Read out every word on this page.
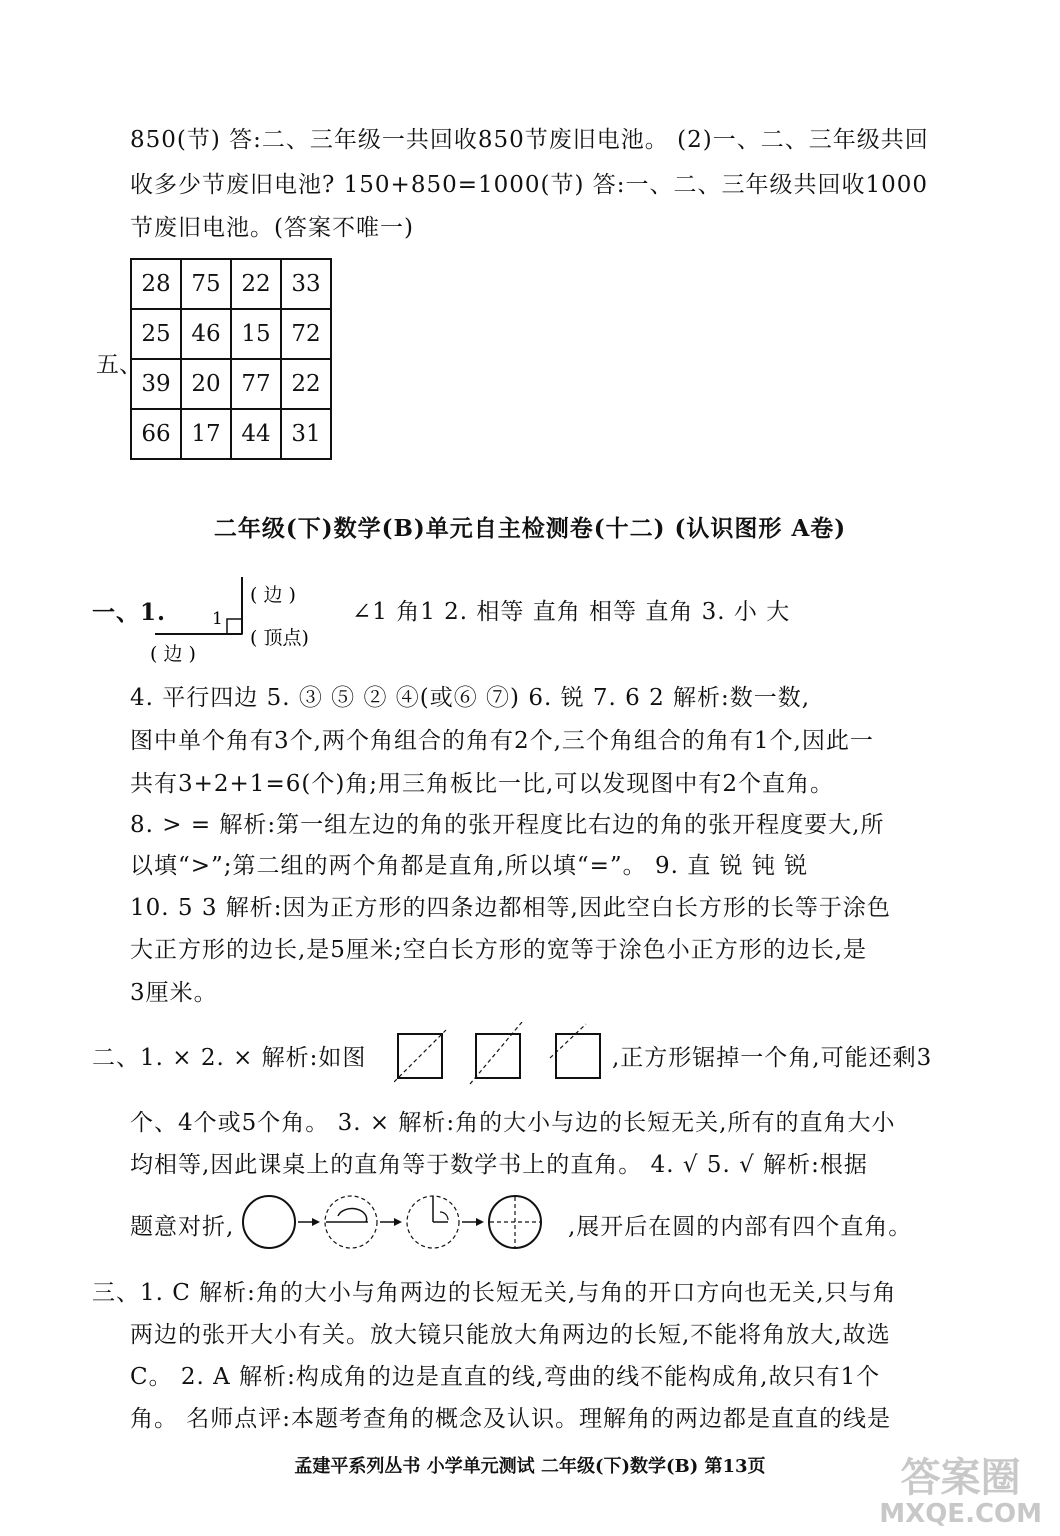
850(节) 答:二、三年级一共回收850节废旧电池。 (2)一、二、三年级共回
收多少节废旧电池? 150+850=1000(节) 答:一、二、三年级共回收1000
节废旧电池。(答案不唯一)
五、
28	75	22	33
25	46	15	72
39	20	77	22
66	17	44	31
二年级(下)数学(B)单元自主检测卷(十二) (认识图形 A卷)
一、1.	1
( 边 )
( 顶点)
( 边 )
∠1 角1 2. 相等 直角 相等 直角 3. 小 大
4. 平行四边 5. ③ ⑤ ② ④(或⑥ ⑦) 6. 锐 7. 6 2 解析:数一数,
图中单个角有3个,两个角组合的角有2个,三个角组合的角有1个,因此一
共有3+2+1=6(个)角;用三角板比一比,可以发现图中有2个直角。
8. > = 解析:第一组左边的角的张开程度比右边的角的张开程度要大,所
以填“>”;第二组的两个角都是直角,所以填“=”。 9. 直 锐 钝 锐
10. 5 3 解析:因为正方形的四条边都相等,因此空白长方形的长等于涂色
大正方形的边长,是5厘米;空白长方形的宽等于涂色小正方形的边长,是
3厘米。
二、1. × 2. × 解析:如图	,正方形锯掉一个角,可能还剩3
个、4个或5个角。 3. × 解析:角的大小与边的长短无关,所有的直角大小
均相等,因此课桌上的直角等于数学书上的直角。 4. √ 5. √ 解析:根据
题意对折,	,展开后在圆的内部有四个直角。
三、1. C 解析:角的大小与角两边的长短无关,与角的开口方向也无关,只与角
两边的张开大小有关。放大镜只能放大角两边的长短,不能将角放大,故选
C。 2. A 解析:构成角的边是直直的线,弯曲的线不能构成角,故只有1个
角。 名师点评:本题考查角的概念及认识。理解角的两边都是直直的线是
孟建平系列丛书 小学单元测试 二年级(下)数学(B) 第13页	答案圈
MXQE.COM
